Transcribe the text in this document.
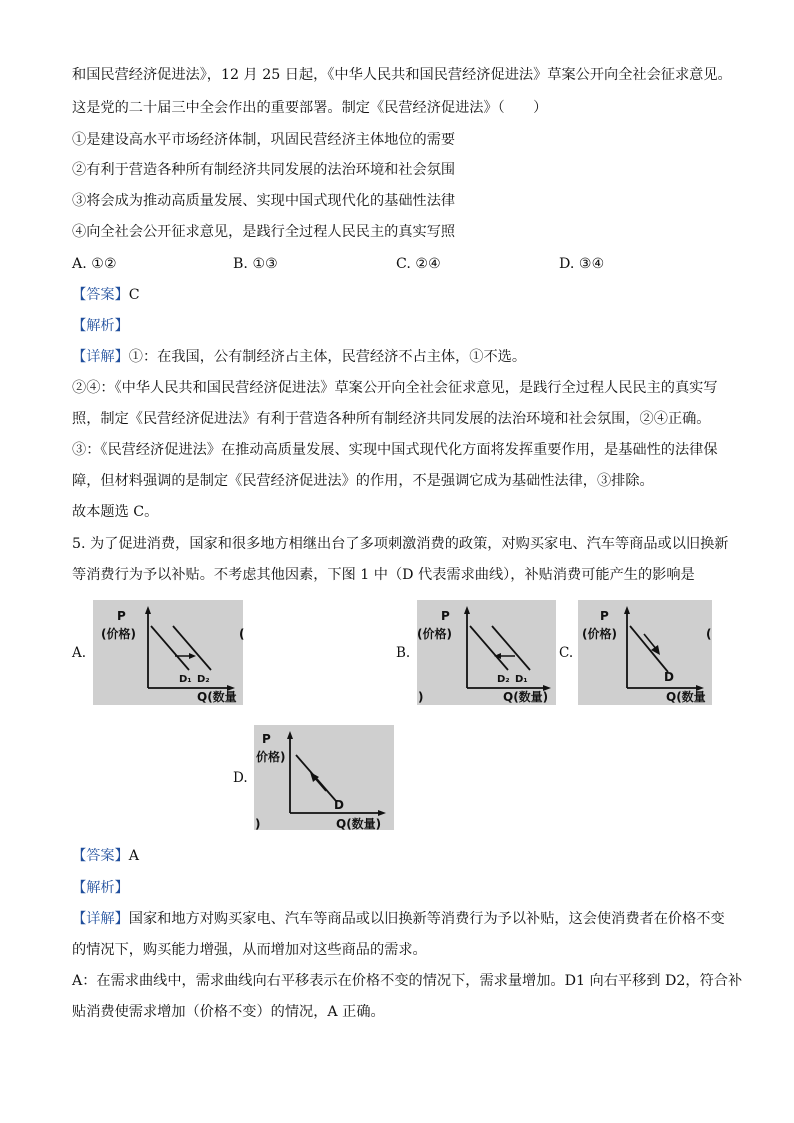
和国民营经济促进法》，12 月 25 日起，《中华人民共和国民营经济促进法》草案公开向全社会征求意见。
这是党的二十届三中全会作出的重要部署。制定《民营经济促进法》（　　）
①是建设高水平市场经济体制，巩固民营经济主体地位的需要
②有利于营造各种所有制经济共同发展的法治环境和社会氛围
③将会成为推动高质量发展、实现中国式现代化的基础性法律
④向全社会公开征求意见，是践行全过程人民民主的真实写照
A. ①②	B. ①③	C. ②④	D. ③④
【答案】C
【解析】
【详解】①：在我国，公有制经济占主体，民营经济不占主体，①不选。
②④：《中华人民共和国民营经济促进法》草案公开向全社会征求意见，是践行全过程人民民主的真实写
照，制定《民营经济促进法》有利于营造各种所有制经济共同发展的法治环境和社会氛围，②④正确。
③：《民营经济促进法》在推动高质量发展、实现中国式现代化方面将发挥重要作用，是基础性的法律保
障，但材料强调的是制定《民营经济促进法》的作用，不是强调它成为基础性法律，③排除。
故本题选 C。
5. 为了促进消费，国家和很多地方相继出台了多项刺激消费的政策，对购买家电、汽车等商品或以旧换新
等消费行为予以补贴。不考虑其他因素，下图 1 中（D 代表需求曲线），补贴消费可能产生的影响是
A.
P
(价格)
D₁ D₂
Q(数量
(
B.
P
(价格)
D₂ D₁
Q(数量)
)
C.
P
(价格)
D
Q(数量
(
D.
P
价格)
D
Q(数量)
)
【答案】A
【解析】
【详解】国家和地方对购买家电、汽车等商品或以旧换新等消费行为予以补贴，这会使消费者在价格不变
的情况下，购买能力增强，从而增加对这些商品的需求。
A：在需求曲线中，需求曲线向右平移表示在价格不变的情况下，需求量增加。D1 向右平移到 D2，符合补
贴消费使需求增加（价格不变）的情况，A 正确。
